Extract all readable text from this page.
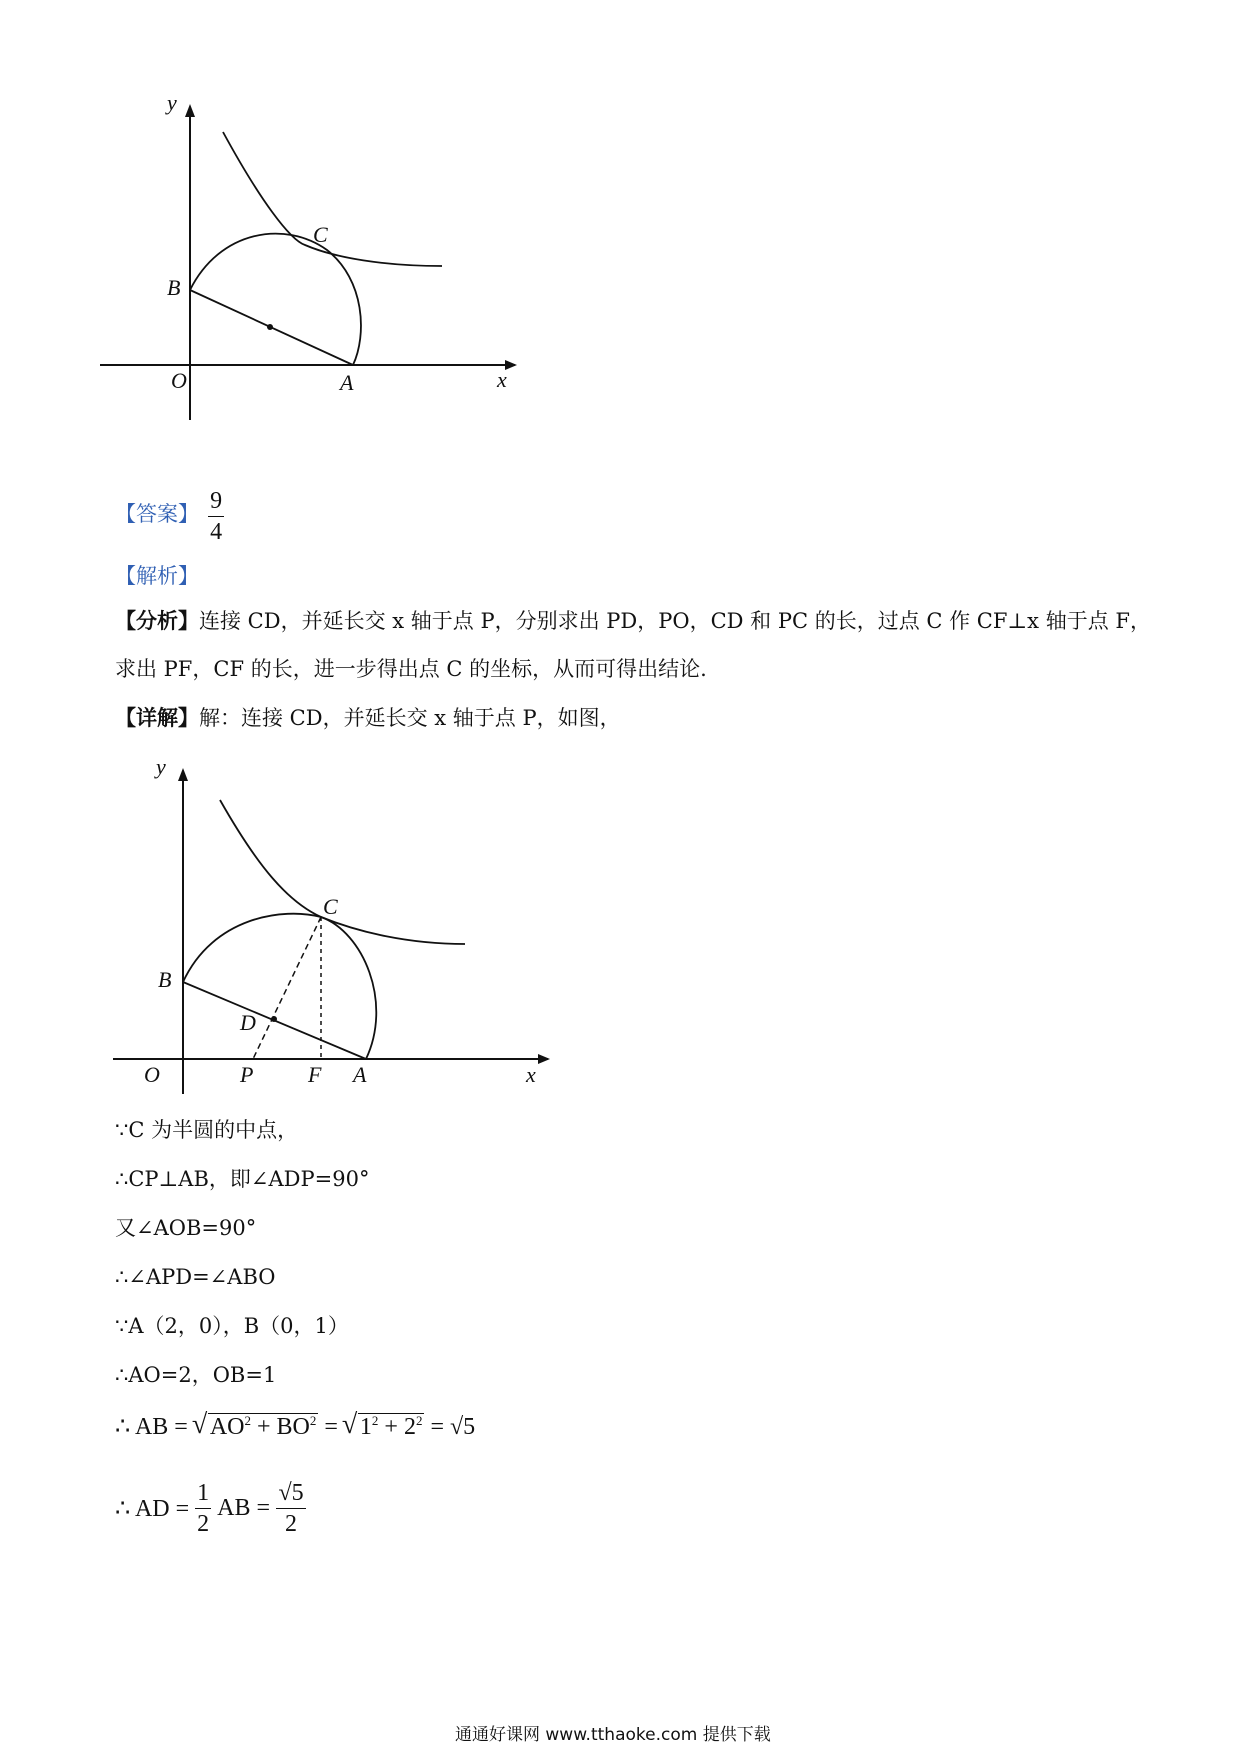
y
x
O	A
B
C
【答案】 $\frac{9}{4}$
【解析】
【分析】连接 CD，并延长交 x 轴于点 P，分别求出 PD，PO，CD 和 PC 的长，过点 C 作 CF⊥x 轴于点 F，
求出 PF，CF 的长，进一步得出点 C 的坐标，从而可得出结论.
【详解】解：连接 CD，并延长交 x 轴于点 P，如图，
y
x
O	A
B
C
D
P F
∵C 为半圆的中点，
∴CP⊥AB，即∠ADP=90°
又∠AOB=90°
∴∠APD=∠ABO
∵A（2，0），B（0，1）
∴AO=2，OB=1
∴ AB = √ $AO^2 + BO^2$ = √ $1^2 + 2^2 = √5$
∴ AD = $\frac{1}{2}$ AB = $\frac{√5}{2}$
通通好课网 www.tthaoke.com 提供下载
